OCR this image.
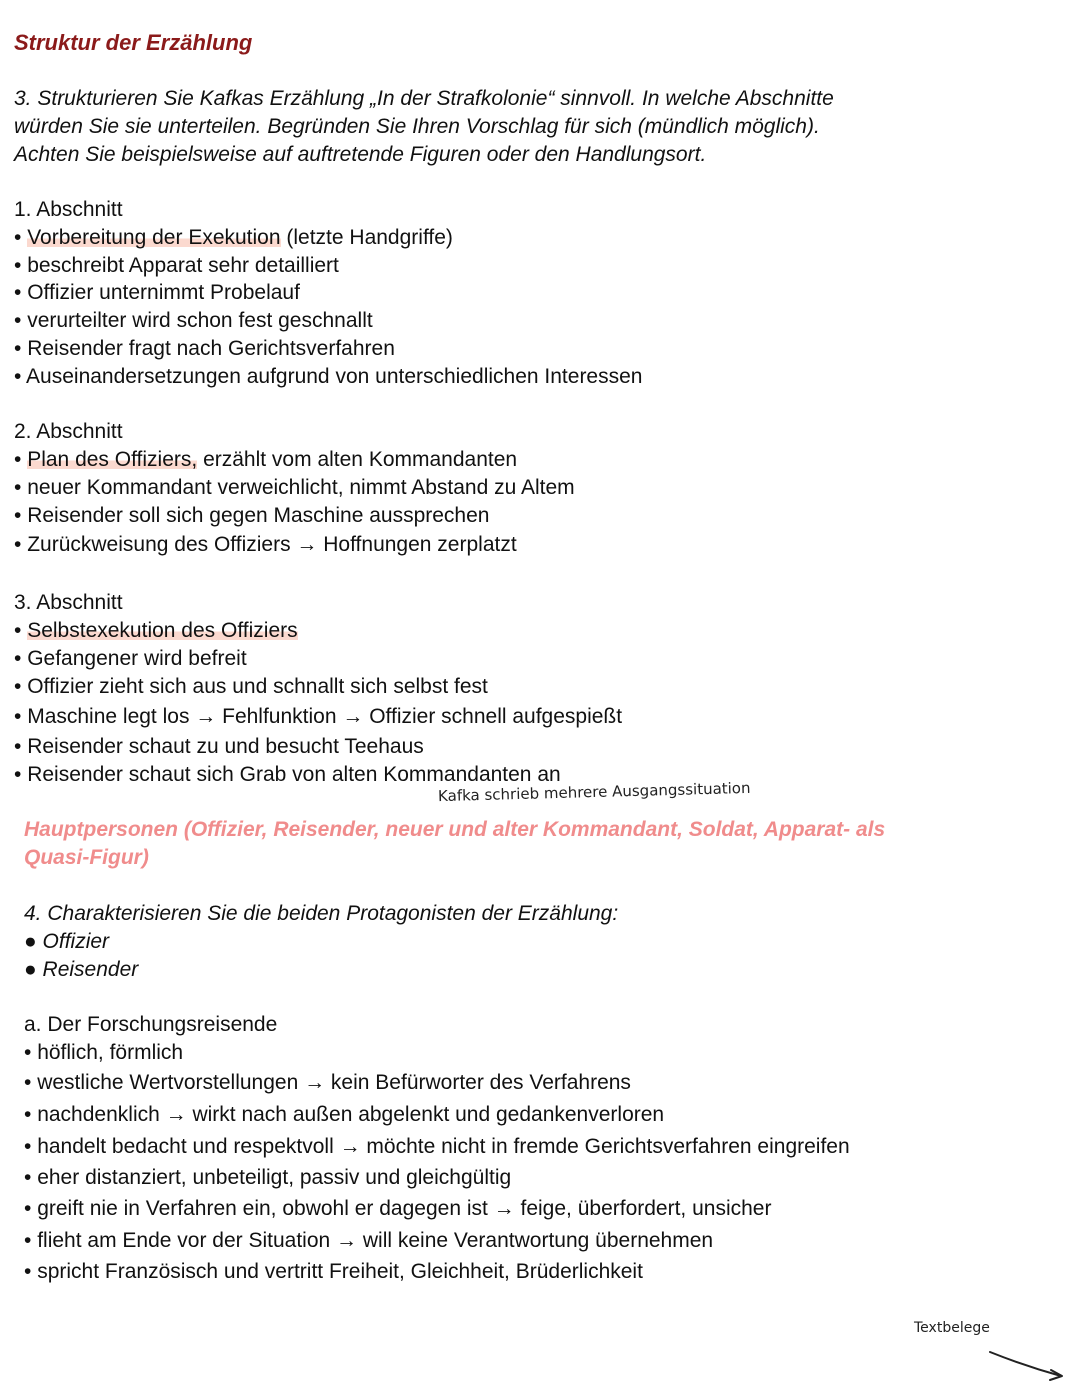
Struktur der Erzählung
3. Strukturieren Sie Kafkas Erzählung „In der Strafkolonie“ sinnvoll. In welche Abschnitte
würden Sie sie unterteilen. Begründen Sie Ihren Vorschlag für sich (mündlich möglich).
Achten Sie beispielsweise auf auftretende Figuren oder den Handlungsort.
1. Abschnitt
• Vorbereitung der Exekution (letzte Handgriffe)
• beschreibt Apparat sehr detailliert
• Offizier unternimmt Probelauf
• verurteilter wird schon fest geschnallt
• Reisender fragt nach Gerichtsverfahren
• Auseinandersetzungen aufgrund von unterschiedlichen Interessen
2. Abschnitt
• Plan des Offiziers, erzählt vom alten Kommandanten
• neuer Kommandant verweichlicht, nimmt Abstand zu Altem
• Reisender soll sich gegen Maschine aussprechen
• Zurückweisung des Offiziers → Hoffnungen zerplatzt
3. Abschnitt
• Selbstexekution des Offiziers
• Gefangener wird befreit
• Offizier zieht sich aus und schnallt sich selbst fest
• Maschine legt los → Fehlfunktion → Offizier schnell aufgespießt
• Reisender schaut zu und besucht Teehaus
• Reisender schaut sich Grab von alten Kommandanten an
Kafka schrieb mehrere Ausgangssituation
Hauptpersonen (Offizier, Reisender, neuer und alter Kommandant, Soldat, Apparat- als
Quasi-Figur)
4. Charakterisieren Sie die beiden Protagonisten der Erzählung:
● Offizier
● Reisender
a. Der Forschungsreisende
• höflich, förmlich
• westliche Wertvorstellungen → kein Befürworter des Verfahrens
• nachdenklich → wirkt nach außen abgelenkt und gedankenverloren
• handelt bedacht und respektvoll → möchte nicht in fremde Gerichtsverfahren eingreifen
• eher distanziert, unbeteiligt, passiv und gleichgültig
• greift nie in Verfahren ein, obwohl er dagegen ist → feige, überfordert, unsicher
• flieht am Ende vor der Situation → will keine Verantwortung übernehmen
• spricht Französisch und vertritt Freiheit, Gleichheit, Brüderlichkeit
Textbelege
